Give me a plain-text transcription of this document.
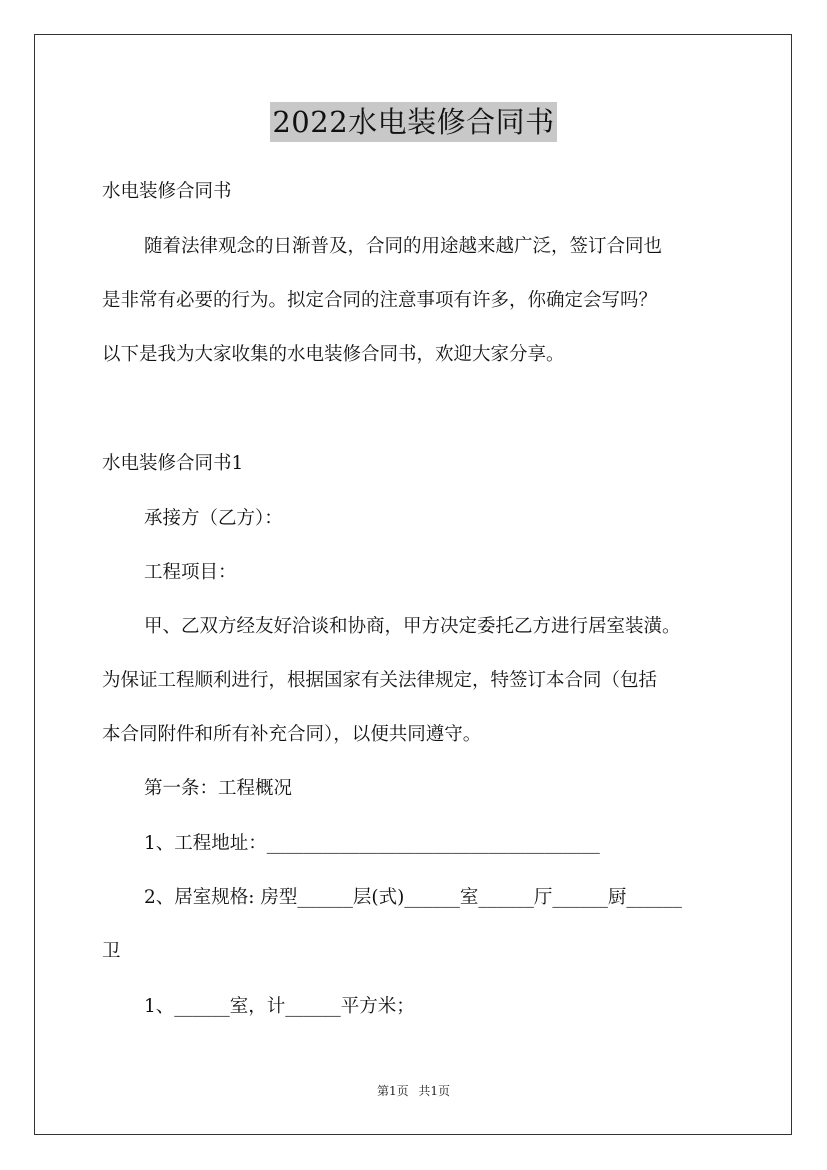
2022水电装修合同书
水电装修合同书
随着法律观念的日渐普及，合同的用途越来越广泛，签订合同也
是非常有必要的行为。拟定合同的注意事项有许多，你确定会写吗？
以下是我为大家收集的水电装修合同书，欢迎大家分享。
水电装修合同书1
承接方（乙方）：
工程项目：
甲、乙双方经友好洽谈和协商，甲方决定委托乙方进行居室装潢。
为保证工程顺利进行，根据国家有关法律规定，特签订本合同（包括
本合同附件和所有补充合同），以便共同遵守。
第一条：工程概况
1、工程地址：____________________________________
2、居室规格: 房型______层(式)______室______厅______厨______
卫
1、______室，计______平方米；
第1页 共1页
